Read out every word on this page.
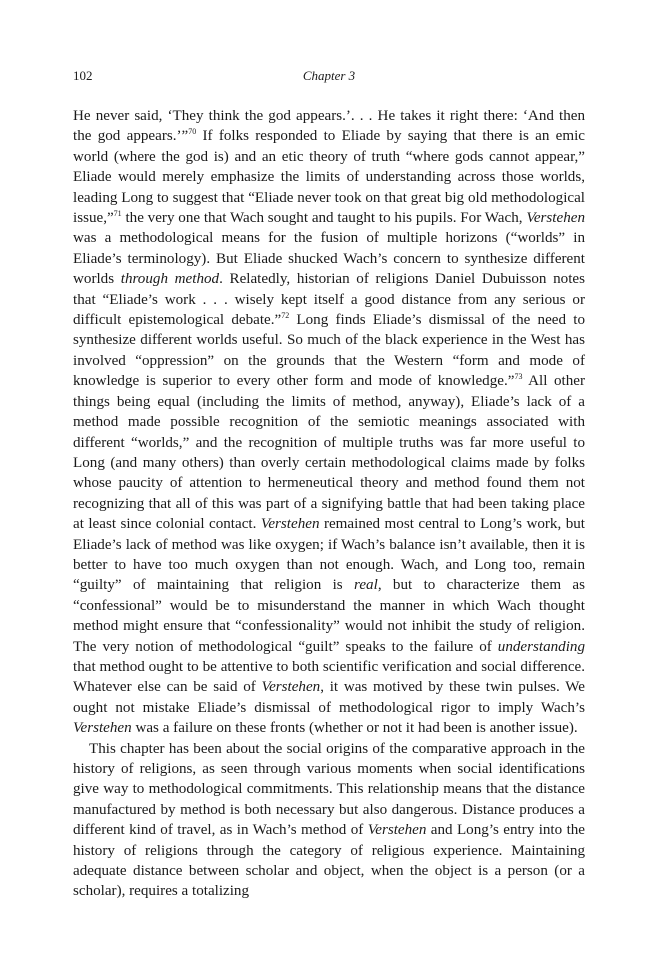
102	Chapter 3

He never said, ‘They think the god appears.’. . . He takes it right there: ‘And then the god appears.’”$^{70}$ If folks responded to Eliade by saying that there is an emic world (where the god is) and an etic theory of truth “where gods cannot appear,” Eliade would merely emphasize the limits of understanding across those worlds, leading Long to suggest that “Eliade never took on that great big old methodological issue,”$^{71}$ the very one that Wach sought and taught to his pupils. For Wach, Verstehen was a methodological means for the fusion of multiple horizons (“worlds” in Eliade’s terminology). But Eliade shucked Wach’s concern to synthesize different worlds through method. Relatedly, historian of religions Daniel Dubuisson notes that “Eliade’s work . . . wisely kept itself a good distance from any serious or difficult epistemological debate.”$^{72}$ Long finds Eliade’s dismissal of the need to synthesize different worlds useful. So much of the black experience in the West has involved “oppression” on the grounds that the Western “form and mode of knowledge is superior to every other form and mode of knowledge.”$^{73}$ All other things being equal (including the limits of method, anyway), Eliade’s lack of a method made possible recognition of the semiotic meanings associated with different “worlds,” and the recognition of multiple truths was far more useful to Long (and many others) than overly certain methodological claims made by folks whose paucity of attention to hermeneutical theory and method found them not recognizing that all of this was part of a signifying battle that had been taking place at least since colonial contact. Verstehen remained most central to Long’s work, but Eliade’s lack of method was like oxygen; if Wach’s balance isn’t available, then it is better to have too much oxygen than not enough. Wach, and Long too, remain “guilty” of maintaining that religion is real, but to characterize them as “confessional” would be to misunderstand the manner in which Wach thought method might ensure that “confessionality” would not inhibit the study of religion. The very notion of methodological “guilt” speaks to the failure of understanding that method ought to be attentive to both scientific verification and social difference. Whatever else can be said of Verstehen, it was motived by these twin pulses. We ought not mistake Eliade’s dismissal of methodological rigor to imply Wach’s Verstehen was a failure on these fronts (whether or not it had been is another issue).

This chapter has been about the social origins of the comparative approach in the history of religions, as seen through various moments when social identifications give way to methodological commitments. This relationship means that the distance manufactured by method is both necessary but also dangerous. Distance produces a different kind of travel, as in Wach’s method of Verstehen and Long’s entry into the history of religions through the category of religious experience. Maintaining adequate distance between scholar and object, when the object is a person (or a scholar), requires a totalizing
